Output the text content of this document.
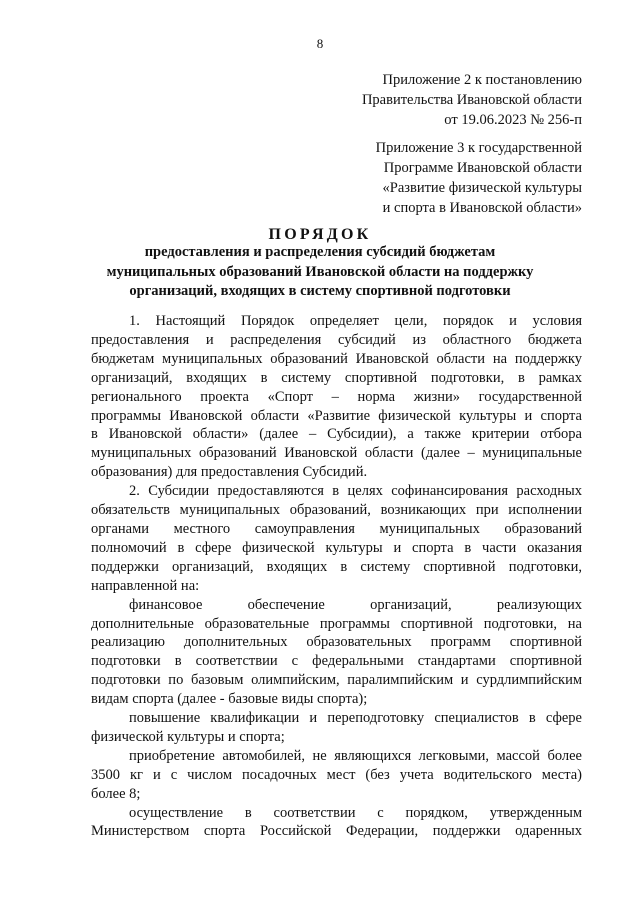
8
Приложение 2 к постановлению
Правительства Ивановской области
от 19.06.2023 № 256-п
Приложение 3 к государственной
Программе Ивановской области
«Развитие физической культуры
и спорта в Ивановской области»
ПОРЯДОК
предоставления и распределения субсидий бюджетам
муниципальных образований Ивановской области на поддержку
организаций, входящих в систему спортивной подготовки
1. Настоящий Порядок определяет цели, порядок и условия
предоставления и распределения субсидий из областного бюджета
бюджетам муниципальных образований Ивановской области на поддержку
организаций, входящих в систему спортивной подготовки, в рамках
регионального проекта «Спорт – норма жизни» государственной
программы Ивановской области «Развитие физической культуры и спорта
в Ивановской области» (далее – Субсидии), а также критерии отбора
муниципальных образований Ивановской области (далее – муниципальные
образования) для предоставления Субсидий.
2. Субсидии предоставляются в целях софинансирования расходных
обязательств муниципальных образований, возникающих при исполнении
органами местного самоуправления муниципальных образований
полномочий в сфере физической культуры и спорта в части оказания
поддержки организаций, входящих в систему спортивной подготовки,
направленной на:
финансовое обеспечение организаций, реализующих
дополнительные образовательные программы спортивной подготовки, на
реализацию дополнительных образовательных программ спортивной
подготовки в соответствии с федеральными стандартами спортивной
подготовки по базовым олимпийским, паралимпийским и сурдлимпийским
видам спорта (далее - базовые виды спорта);
повышение квалификации и переподготовку специалистов в сфере
физической культуры и спорта;
приобретение автомобилей, не являющихся легковыми, массой более
3500 кг и с числом посадочных мест (без учета водительского места)
более 8;
осуществление в соответствии с порядком, утвержденным
Министерством спорта Российской Федерации, поддержки одаренных
